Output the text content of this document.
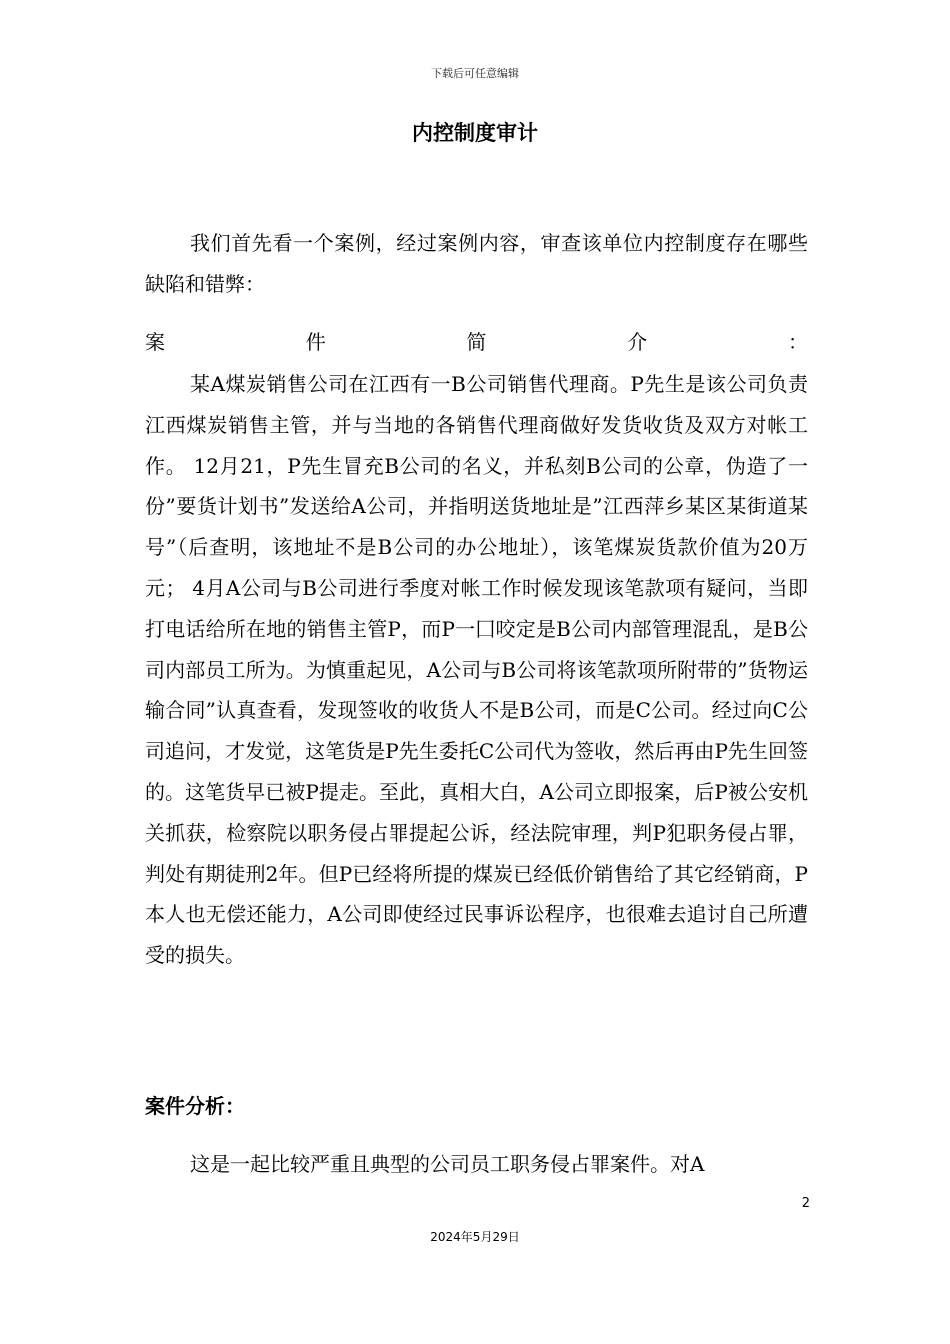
下载后可任意编辑
内控制度审计
我们首先看一个案例，经过案例内容，审查该单位内控制度存在哪些缺陷和错弊：
案	件	简	介	：
某A煤炭销售公司在江西有一B公司销售代理商。P先生是该公司负责江西煤炭销售主管，并与当地的各销售代理商做好发货收货及双方对帐工作。 12月21，P先生冒充B公司的名义，并私刻B公司的公章，伪造了一份”要货计划书”发送给A公司，并指明送货地址是”江西萍乡某区某街道某号”（后查明，该地址不是B公司的办公地址），该笔煤炭货款价值为20万元； 4月A公司与B公司进行季度对帐工作时候发现该笔款项有疑问，当即打电话给所在地的销售主管P，而P一囗咬定是B公司内部管理混乱，是B公司内部员工所为。为慎重起见，A公司与B公司将该笔款项所附带的”货物运输合同”认真查看，发现签收的收货人不是B公司，而是C公司。经过向C公司追问，才发觉，这笔货是P先生委托C公司代为签收，然后再由P先生回签的。这笔货早已被P提走。至此，真相大白，A公司立即报案，后P被公安机关抓获，检察院以职务侵占罪提起公诉，经法院审理，判P犯职务侵占罪，判处有期徒刑2年。但P已经将所提的煤炭已经低价销售给了其它经销商，P本人也无偿还能力，A公司即使经过民事诉讼程序，也很难去追讨自己所遭受的损失。
案件分析：
这是一起比较严重且典型的公司员工职务侵占罪案件。对A
2
2024年5月29日
